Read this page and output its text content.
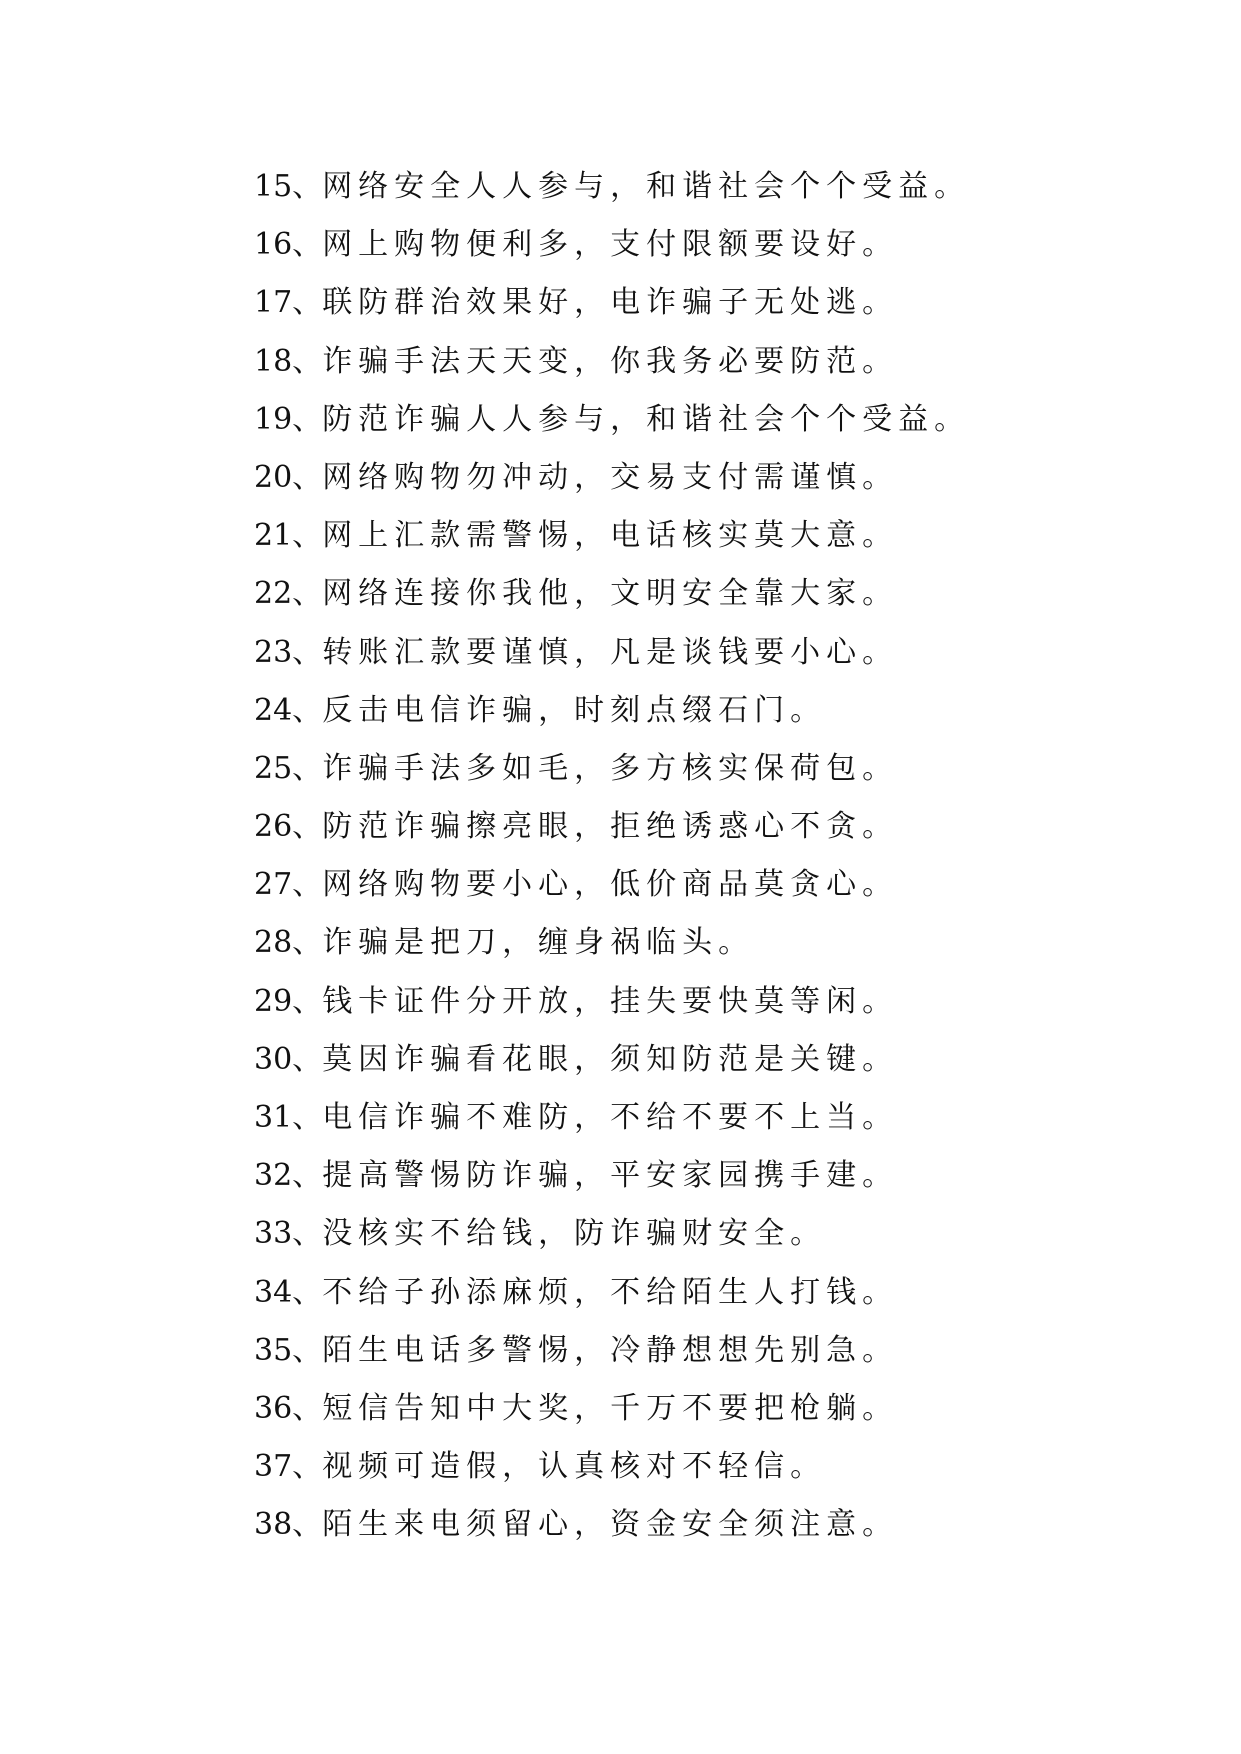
15、网络安全人人参与，和谐社会个个受益。
16、网上购物便利多，支付限额要设好。
17、联防群治效果好，电诈骗子无处逃。
18、诈骗手法天天变，你我务必要防范。
19、防范诈骗人人参与，和谐社会个个受益。
20、网络购物勿冲动，交易支付需谨慎。
21、网上汇款需警惕，电话核实莫大意。
22、网络连接你我他，文明安全靠大家。
23、转账汇款要谨慎，凡是谈钱要小心。
24、反击电信诈骗，时刻点缀石门。
25、诈骗手法多如毛，多方核实保荷包。
26、防范诈骗擦亮眼，拒绝诱惑心不贪。
27、网络购物要小心，低价商品莫贪心。
28、诈骗是把刀，缠身祸临头。
29、钱卡证件分开放，挂失要快莫等闲。
30、莫因诈骗看花眼，须知防范是关键。
31、电信诈骗不难防，不给不要不上当。
32、提高警惕防诈骗，平安家园携手建。
33、没核实不给钱，防诈骗财安全。
34、不给子孙添麻烦，不给陌生人打钱。
35、陌生电话多警惕，冷静想想先别急。
36、短信告知中大奖，千万不要把枪躺。
37、视频可造假，认真核对不轻信。
38、陌生来电须留心，资金安全须注意。
